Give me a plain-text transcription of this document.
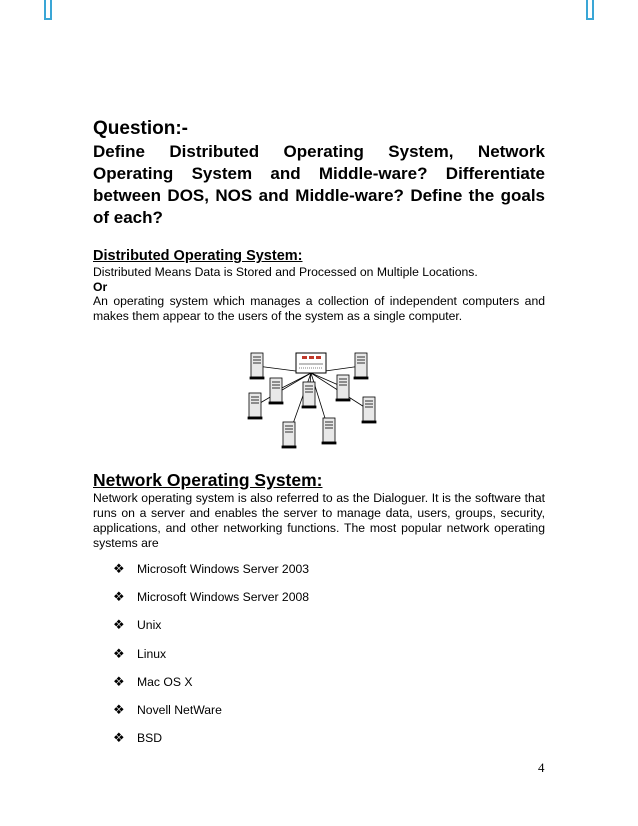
Question:-

Define Distributed Operating System, Network Operating System and Middle-ware? Differentiate between DOS, NOS and Middle-ware? Define the goals of each?

Distributed Operating System:

Distributed Means Data is Stored and Processed on Multiple Locations.

Or

An operating system which manages a collection of independent computers and makes them appear to the users of the system as a single computer.

Network Operating System:

Network operating system is also referred to as the Dialoguer. It is the software that runs on a server and enables the server to manage data, users, groups, security, applications, and other networking functions. The most popular network operating systems are

❖	Microsoft Windows Server 2003
❖	Microsoft Windows Server 2008
❖	Unix
❖	Linux
❖	Mac OS X
❖	Novell NetWare
❖	BSD
4
